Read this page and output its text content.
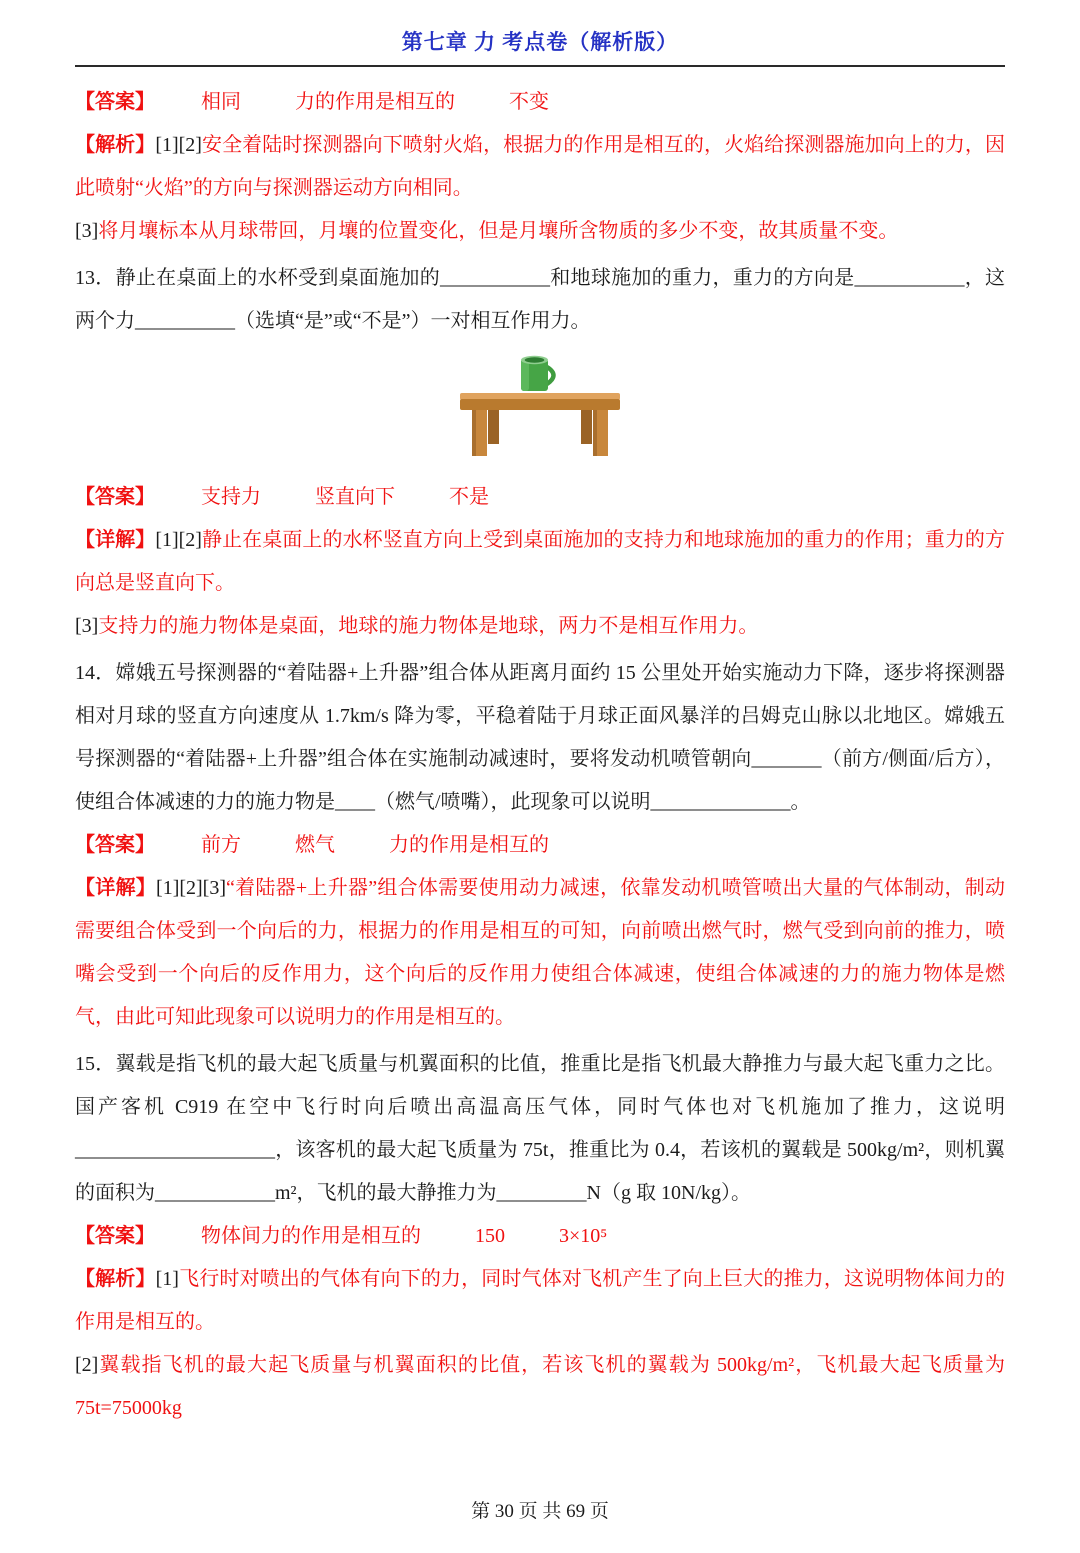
第七章 力 考点卷（解析版）

【答案】 相同	力的作用是相互的	不变

【解析】[1][2]安全着陆时探测器向下喷射火焰，根据力的作用是相互的，火焰给探测器施加向上的力，因此喷射“火焰”的方向与探测器运动方向相同。

[3]将月壤标本从月球带回，月壤的位置变化，但是月壤所含物质的多少不变，故其质量不变。

13．静止在桌面上的水杯受到桌面施加的___________和地球施加的重力，重力的方向是___________，这两个力__________（选填“是”或“不是”）一对相互作用力。

【答案】 支持力	竖直向下	不是

【详解】[1][2]静止在桌面上的水杯竖直方向上受到桌面施加的支持力和地球施加的重力的作用；重力的方向总是竖直向下。

[3]支持力的施力物体是桌面，地球的施力物体是地球，两力不是相互作用力。

14．嫦娥五号探测器的“着陆器+上升器”组合体从距离月面约 15 公里处开始实施动力下降，逐步将探测器相对月球的竖直方向速度从 1.7km/s 降为零，平稳着陆于月球正面风暴洋的吕姆克山脉以北地区。嫦娥五号探测器的“着陆器+上升器”组合体在实施制动减速时，要将发动机喷管朝向_______（前方/侧面/后方），使组合体减速的力的施力物是____（燃气/喷嘴），此现象可以说明______________。

【答案】 前方	燃气	力的作用是相互的

【详解】[1][2][3]“着陆器+上升器”组合体需要使用动力减速，依靠发动机喷管喷出大量的气体制动，制动需要组合体受到一个向后的力，根据力的作用是相互的可知，向前喷出燃气时，燃气受到向前的推力，喷嘴会受到一个向后的反作用力，这个向后的反作用力使组合体减速，使组合体减速的力的施力物体是燃气，由此可知此现象可以说明力的作用是相互的。

15．翼载是指飞机的最大起飞质量与机翼面积的比值，推重比是指飞机最大静推力与最大起飞重力之比。国产客机 C919 在空中飞行时向后喷出高温高压气体，同时气体也对飞机施加了推力，这说明____________________，该客机的最大起飞质量为 75t，推重比为 0.4，若该机的翼载是 500kg/m²，则机翼的面积为____________m²，飞机的最大静推力为_________N（g 取 10N/kg）。

【答案】 物体间力的作用是相互的	150	3×10⁵

【解析】[1]飞行时对喷出的气体有向下的力，同时气体对飞机产生了向上巨大的推力，这说明物体间力的作用是相互的。

[2]翼载指飞机的最大起飞质量与机翼面积的比值，若该飞机的翼载为 500kg/m²，飞机最大起飞质量为 75t=75000kg

第 30 页 共 69 页
